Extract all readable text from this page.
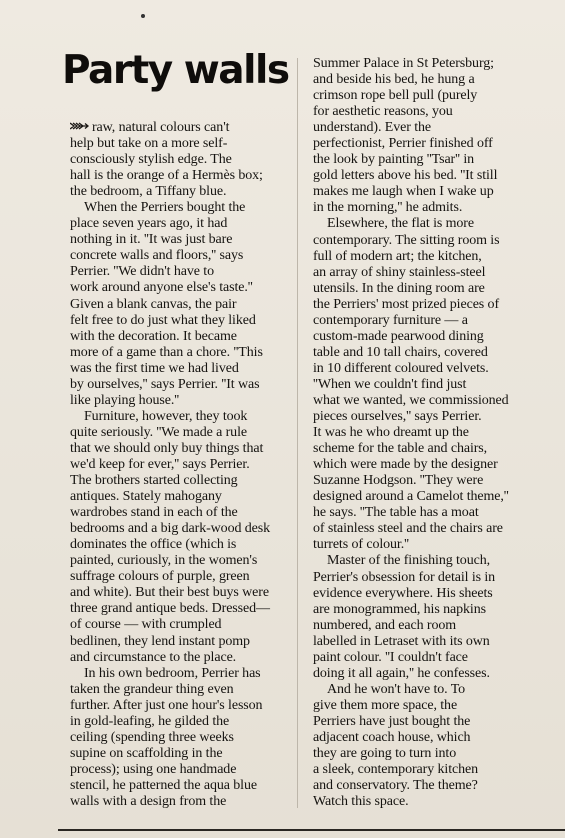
Party walls
raw, natural colours can't
help but take on a more self-
consciously stylish edge. The
hall is the orange of a Hermès box;
the bedroom, a Tiffany blue.
When the Perriers bought the
place seven years ago, it had
nothing in it. ''It was just bare
concrete walls and floors,'' says
Perrier. ''We didn't have to
work around anyone else's taste.''
Given a blank canvas, the pair
felt free to do just what they liked
with the decoration. It became
more of a game than a chore. ''This
was the first time we had lived
by ourselves,'' says Perrier. ''It was
like playing house.''
Furniture, however, they took
quite seriously. ''We made a rule
that we should only buy things that
we'd keep for ever,'' says Perrier.
The brothers started collecting
antiques. Stately mahogany
wardrobes stand in each of the
bedrooms and a big dark-wood desk
dominates the office (which is
painted, curiously, in the women's
suffrage colours of purple, green
and white). But their best buys were
three grand antique beds. Dressed—
of course — with crumpled
bedlinen, they lend instant pomp
and circumstance to the place.
In his own bedroom, Perrier has
taken the grandeur thing even
further. After just one hour's lesson
in gold-leafing, he gilded the
ceiling (spending three weeks
supine on scaffolding in the
process); using one handmade
stencil, he patterned the aqua blue
walls with a design from the
Summer Palace in St Petersburg;
and beside his bed, he hung a
crimson rope bell pull (purely
for aesthetic reasons, you
understand). Ever the
perfectionist, Perrier finished off
the look by painting ''Tsar'' in
gold letters above his bed. ''It still
makes me laugh when I wake up
in the morning,'' he admits.
Elsewhere, the flat is more
contemporary. The sitting room is
full of modern art; the kitchen,
an array of shiny stainless-steel
utensils. In the dining room are
the Perriers' most prized pieces of
contemporary furniture — a
custom-made pearwood dining
table and 10 tall chairs, covered
in 10 different coloured velvets.
''When we couldn't find just
what we wanted, we commissioned
pieces ourselves,'' says Perrier.
It was he who dreamt up the
scheme for the table and chairs,
which were made by the designer
Suzanne Hodgson. ''They were
designed around a Camelot theme,''
he says. ''The table has a moat
of stainless steel and the chairs are
turrets of colour.''
Master of the finishing touch,
Perrier's obsession for detail is in
evidence everywhere. His sheets
are monogrammed, his napkins
numbered, and each room
labelled in Letraset with its own
paint colour. ''I couldn't face
doing it all again,'' he confesses.
And he won't have to. To
give them more space, the
Perriers have just bought the
adjacent coach house, which
they are going to turn into
a sleek, contemporary kitchen
and conservatory. The theme?
Watch this space.
